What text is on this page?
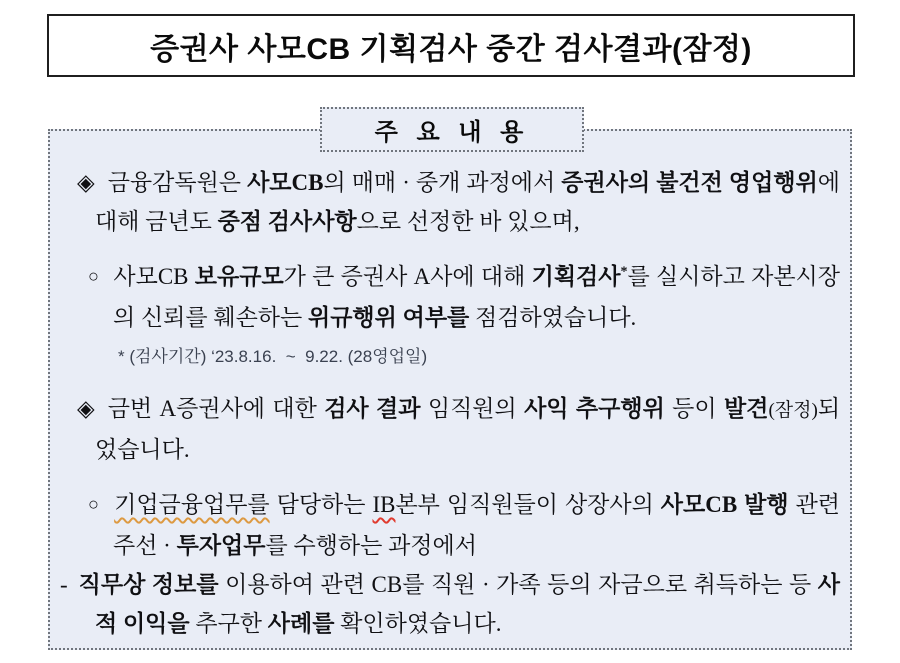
증권사 사모CB 기획검사 중간 검사결과(잠정)
주 요 내 용
◈ 금융감독원은 사모CB의 매매 · 중개 과정에서 증권사의 불건전 영업행위에 대해 금년도 중점 검사사항으로 선정한 바 있으며,
○ 사모CB 보유규모가 큰 증권사 A사에 대해 기획검사*를 실시하고 자본시장의 신뢰를 훼손하는 위규행위 여부를 점검하였습니다.
* (검사기간) ‘23.8.16.  ~  9.22. (28영업일)
◈ 금번 A증권사에 대한 검사 결과 임직원의 사익 추구행위 등이 발견(잠정)되었습니다.
○ 기업금융업무를 담당하는 IB본부 임직원들이 상장사의 사모CB 발행 관련 주선 · 투자업무를 수행하는 과정에서
- 직무상 정보를 이용하여 관련 CB를 직원 · 가족 등의 자금으로 취득하는 등 사적 이익을 추구한 사례를 확인하였습니다.
